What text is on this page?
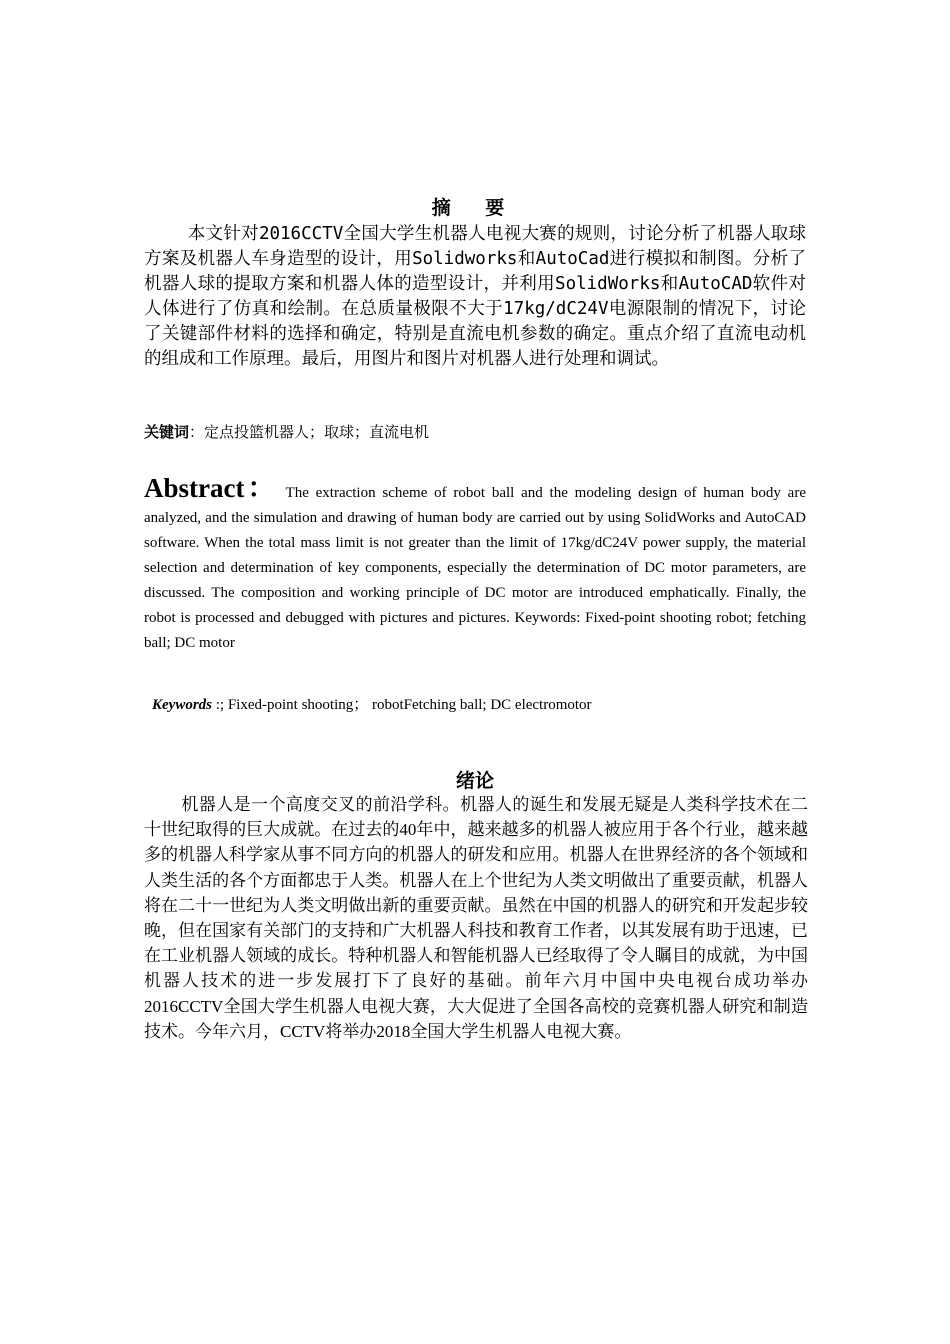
摘 要

本文针对2016CCTV全国大学生机器人电视大赛的规则，讨论分析了机器人取球方案及机器人车身造型的设计，用Solidworks和AutoCad进行模拟和制图。分析了机器人球的提取方案和机器人体的造型设计，并利用SolidWorks和AutoCAD软件对人体进行了仿真和绘制。在总质量极限不大于17kg/dC24V电源限制的情况下，讨论了关键部件材料的选择和确定，特别是直流电机参数的确定。重点介绍了直流电动机的组成和工作原理。最后，用图片和图片对机器人进行处理和调试。

关键词：定点投篮机器人；取球；直流电机

Abstract： The extraction scheme of robot ball and the modeling design of human body are analyzed, and the simulation and drawing of human body are carried out by using SolidWorks and AutoCAD software. When the total mass limit is not greater than the limit of 17kg/dC24V power supply, the material selection and determination of key components, especially the determination of DC motor parameters, are discussed. The composition and working principle of DC motor are introduced emphatically. Finally, the robot is processed and debugged with pictures and pictures. Keywords: Fixed-point shooting robot; fetching ball; DC motor

Keywords :; Fixed-point shooting； robotFetching ball; DC electromotor

绪论

机器人是一个高度交叉的前沿学科。机器人的诞生和发展无疑是人类科学技术在二十世纪取得的巨大成就。在过去的40年中，越来越多的机器人被应用于各个行业，越来越多的机器人科学家从事不同方向的机器人的研发和应用。机器人在世界经济的各个领域和人类生活的各个方面都忠于人类。机器人在上个世纪为人类文明做出了重要贡献，机器人将在二十一世纪为人类文明做出新的重要贡献。虽然在中国的机器人的研究和开发起步较晚，但在国家有关部门的支持和广大机器人科技和教育工作者，以其发展有助于迅速，已在工业机器人领域的成长。特种机器人和智能机器人已经取得了令人瞩目的成就，为中国机器人技术的进一步发展打下了良好的基础。前年六月中国中央电视台成功举办2016CCTV全国大学生机器人电视大赛，大大促进了全国各高校的竞赛机器人研究和制造技术。今年六月，CCTV将举办2018全国大学生机器人电视大赛。
